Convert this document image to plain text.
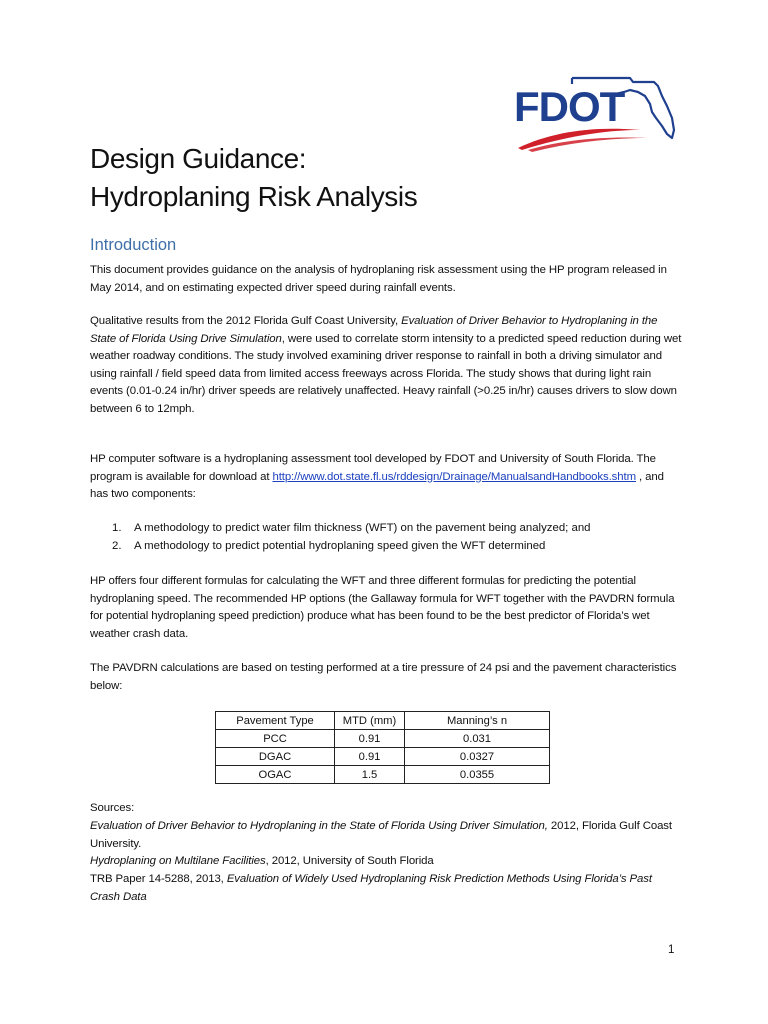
FDOT
Design Guidance:
Hydroplaning Risk Analysis
Introduction
This document provides guidance on the analysis of hydroplaning risk assessment using the HP program released in May 2014, and on estimating expected driver speed during rainfall events.
Qualitative results from the 2012 Florida Gulf Coast University, Evaluation of Driver Behavior to Hydroplaning in the State of Florida Using Drive Simulation, were used to correlate storm intensity to a predicted speed reduction during wet weather roadway conditions. The study involved examining driver response to rainfall in both a driving simulator and using rainfall / field speed data from limited access freeways across Florida. The study shows that during light rain events (0.01-0.24 in/hr) driver speeds are relatively unaffected. Heavy rainfall (>0.25 in/hr) causes drivers to slow down between 6 to 12mph.
HP computer software is a hydroplaning assessment tool developed by FDOT and University of South Florida. The program is available for download at http://www.dot.state.fl.us/rddesign/Drainage/ManualsandHandbooks.shtm , and has two components:
1. A methodology to predict water film thickness (WFT) on the pavement being analyzed; and
2. A methodology to predict potential hydroplaning speed given the WFT determined
HP offers four different formulas for calculating the WFT and three different formulas for predicting the potential hydroplaning speed. The recommended HP options (the Gallaway formula for WFT together with the PAVDRN formula for potential hydroplaning speed prediction) produce what has been found to be the best predictor of Florida’s wet weather crash data.
The PAVDRN calculations are based on testing performed at a tire pressure of 24 psi and the pavement characteristics below:
Pavement Type	MTD (mm)	Manning’s n
PCC	0.91	0.031
DGAC	0.91	0.0327
OGAC	1.5	0.0355
Sources:
Evaluation of Driver Behavior to Hydroplaning in the State of Florida Using Driver Simulation, 2012, Florida Gulf Coast University.
Hydroplaning on Multilane Facilities, 2012, University of South Florida
TRB Paper 14-5288, 2013, Evaluation of Widely Used Hydroplaning Risk Prediction Methods Using Florida’s Past Crash Data
1
